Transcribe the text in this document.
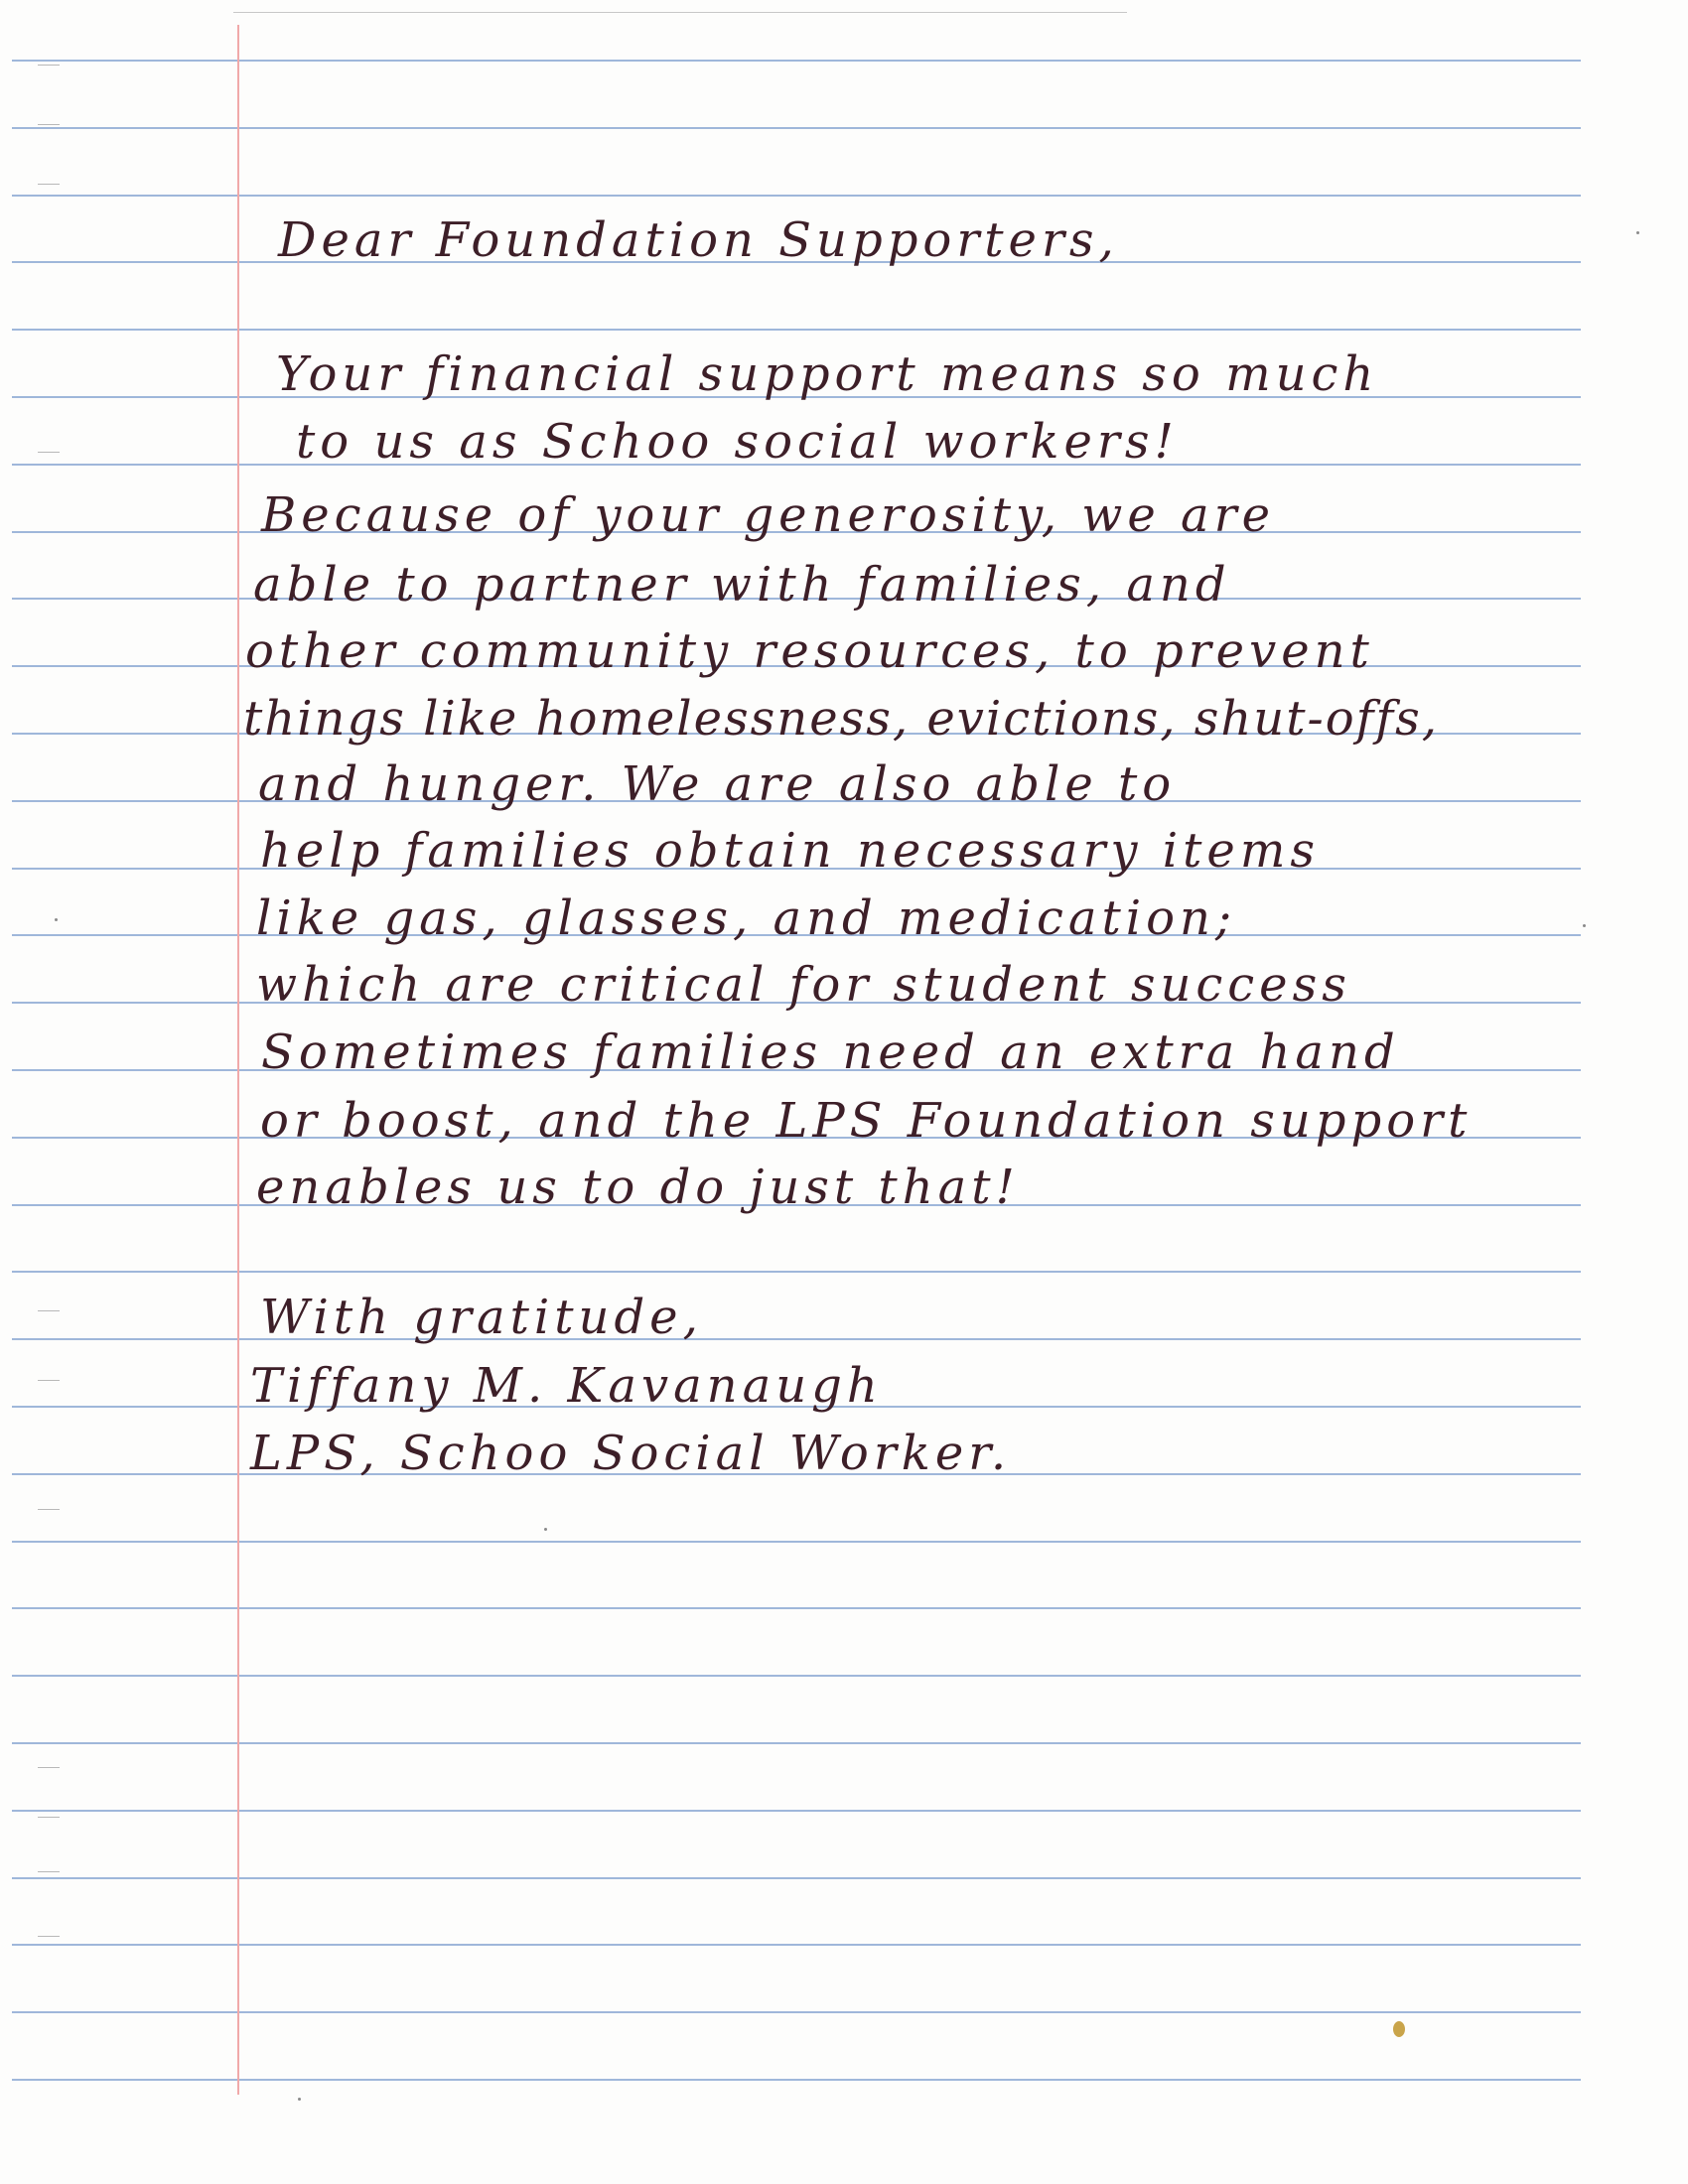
Dear Foundation Supporters,

Your financial support means so much

to us as Schoo social workers!

Because of your generosity, we are

able to partner with families, and

other community resources, to prevent

things like homelessness, evictions, shut-offs,

and hunger. We are also able to

help families obtain necessary items

like gas, glasses, and medication;

which are critical for student success

Sometimes families need an extra hand

or boost, and the LPS Foundation support

enables us to do just that!

With gratitude,

Tiffany M. Kavanaugh

LPS, Schoo Social Worker.
